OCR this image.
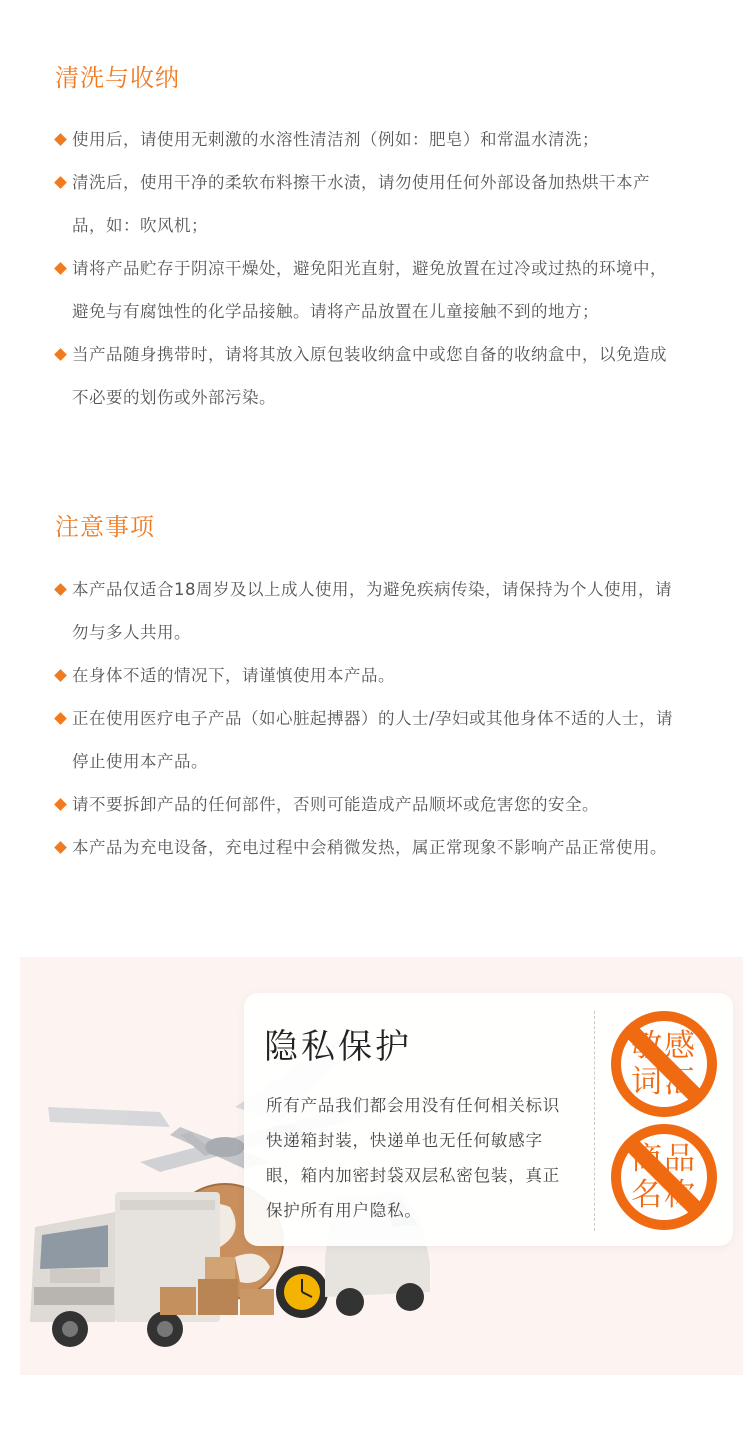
清洗与收纳
使用后，请使用无刺激的水溶性清洁剂（例如：肥皂）和常温水清洗；
清洗后，使用干净的柔软布料擦干水渍，请勿使用任何外部设备加热烘干本产品，如：吹风机；
请将产品贮存于阴凉干燥处，避免阳光直射，避免放置在过冷或过热的环境中，避免与有腐蚀性的化学品接触。请将产品放置在儿童接触不到的地方；
当产品随身携带时，请将其放入原包装收纳盒中或您自备的收纳盒中，以免造成不必要的划伤或外部污染。
注意事项
本产品仅适合18周岁及以上成人使用，为避免疾病传染，请保持为个人使用，请勿与多人共用。
在身体不适的情况下，请谨慎使用本产品。
正在使用医疗电子产品（如心脏起搏器）的人士/孕妇或其他身体不适的人士，请停止使用本产品。
请不要拆卸产品的任何部件，否则可能造成产品顺坏或危害您的安全。
本产品为充电设备，充电过程中会稍微发热，属正常现象不影响产品正常使用。
隐私保护

所有产品我们都会用没有任何相关标识
快递箱封装，快递单也无任何敏感字
眼，箱内加密封袋双层私密包装，真正
保护所有用户隐私。

敏感
词汇
商品
名称
